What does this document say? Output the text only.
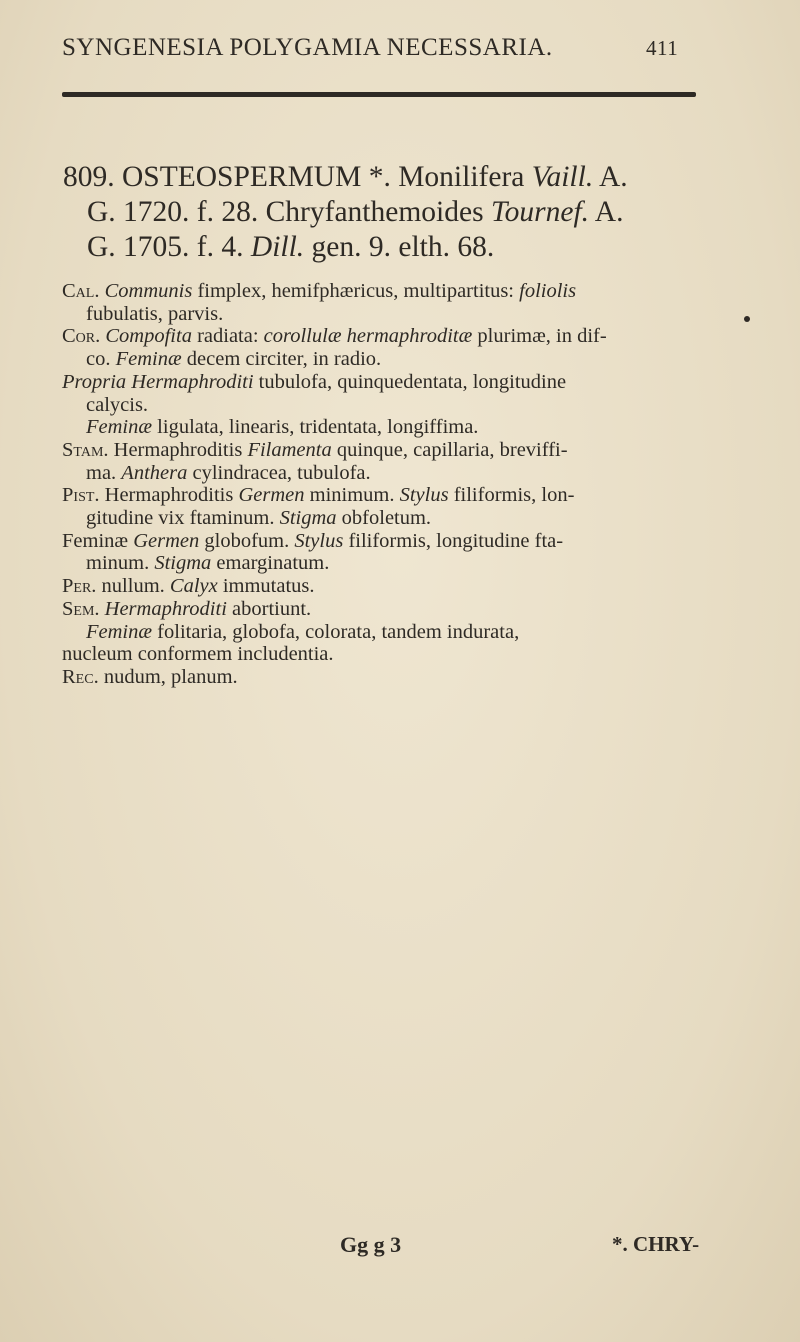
SYNGENESIA POLYGAMIA NECESSARIA.	411
809. OSTEOSPERMUM *. Monilifera Vaill. A.
G. 1720. f. 28. Chryfanthemoides Tournef. A.
G. 1705. f. 4. Dill. gen. 9. elth. 68.

Cal. Communis fimplex, hemifphæricus, multipartitus: foliolis

fubulatis, parvis.

Cor. Compofita radiata: corollulæ hermaphroditæ plurimæ, in dif-

co. Feminæ decem circiter, in radio.

Propria Hermaphroditi tubulofa, quinquedentata, longitudine

calycis.

Feminæ ligulata, linearis, tridentata, longiffima.

Stam. Hermaphroditis Filamenta quinque, capillaria, breviffi-

ma. Anthera cylindracea, tubulofa.

Pist. Hermaphroditis Germen minimum. Stylus filiformis, lon-

gitudine vix ftaminum. Stigma obfoletum.

Feminæ Germen globofum. Stylus filiformis, longitudine fta-

minum. Stigma emarginatum.

Per. nullum. Calyx immutatus.

Sem. Hermaphroditi abortiunt.

Feminæ folitaria, globofa, colorata, tandem indurata,

nucleum conformem includentia.

Rec. nudum, planum.

Gg g 3	*. CHRY-
